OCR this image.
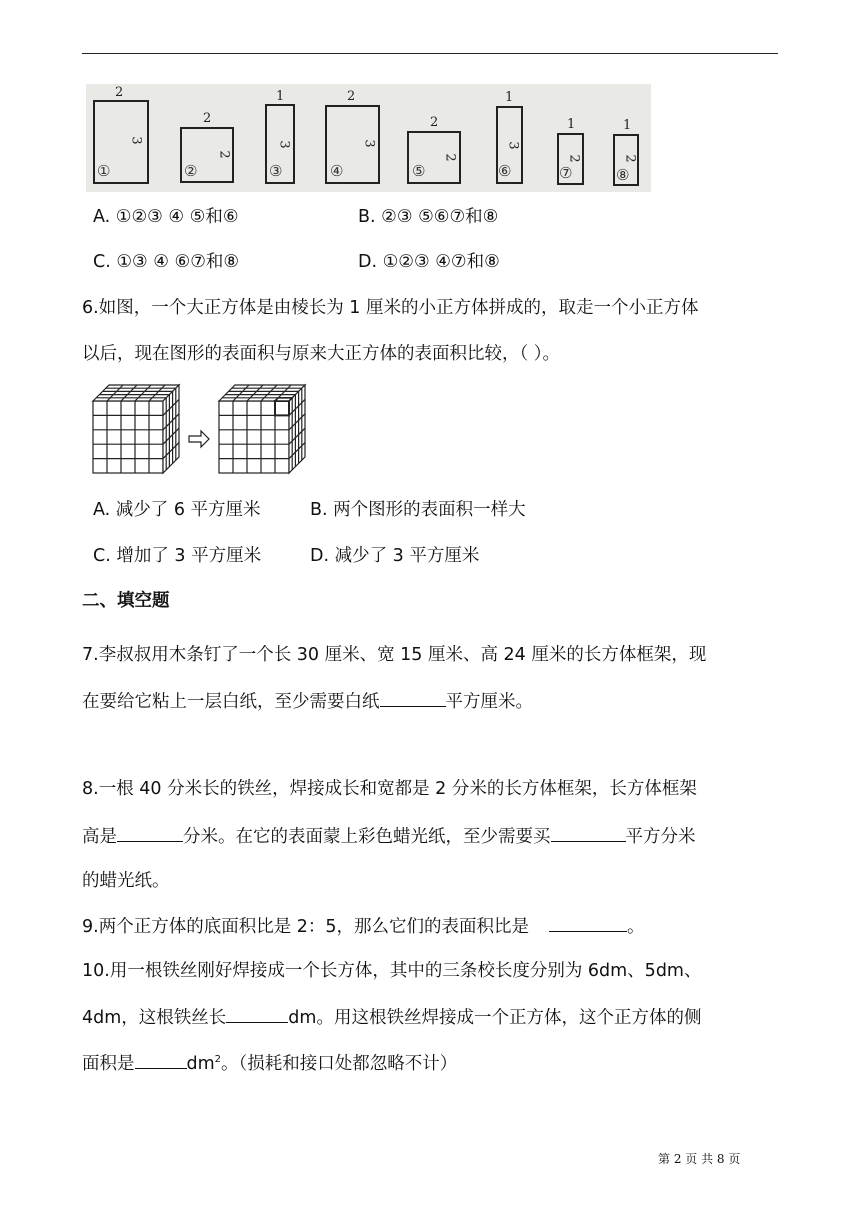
2
3
①
2
2
②
1
3
③
2
3
④
2
2
⑤
1
3
⑥
1
2
⑦
1
2
⑧
A. ①②③ ④ ⑤和⑥	B. ②③ ⑤⑥⑦和⑧
C. ①③ ④ ⑥⑦和⑧	D. ①②③ ④⑦和⑧
6.如图，一个大正方体是由棱长为 1 厘米的小正方体拼成的，取走一个小正方体
以后，现在图形的表面积与原来大正方体的表面积比较，（ ）。
A. 减少了 6 平方厘米	B. 两个图形的表面积一样大
C. 增加了 3 平方厘米	D. 减少了 3 平方厘米
二、填空题
7.李叔叔用木条钉了一个长 30 厘米、宽 15 厘米、高 24 厘米的长方体框架，现
在要给它粘上一层白纸，至少需要白纸	平方厘米。
8.一根 40 分米长的铁丝，焊接成长和宽都是 2 分米的长方体框架，长方体框架
高是	分米。在它的表面蒙上彩色蜡光纸，至少需要买	平方分米
的蜡光纸。
9.两个正方体的底面积比是 2：5，那么它们的表面积比是	。
10.用一根铁丝刚好焊接成一个长方体，其中的三条校长度分别为 6dm、5dm、
4dm，这根铁丝长	dm。用这根铁丝焊接成一个正方体，这个正方体的侧
面积是	$dm^2$。（损耗和接口处都忽略不计）
第 2 页 共 8 页
